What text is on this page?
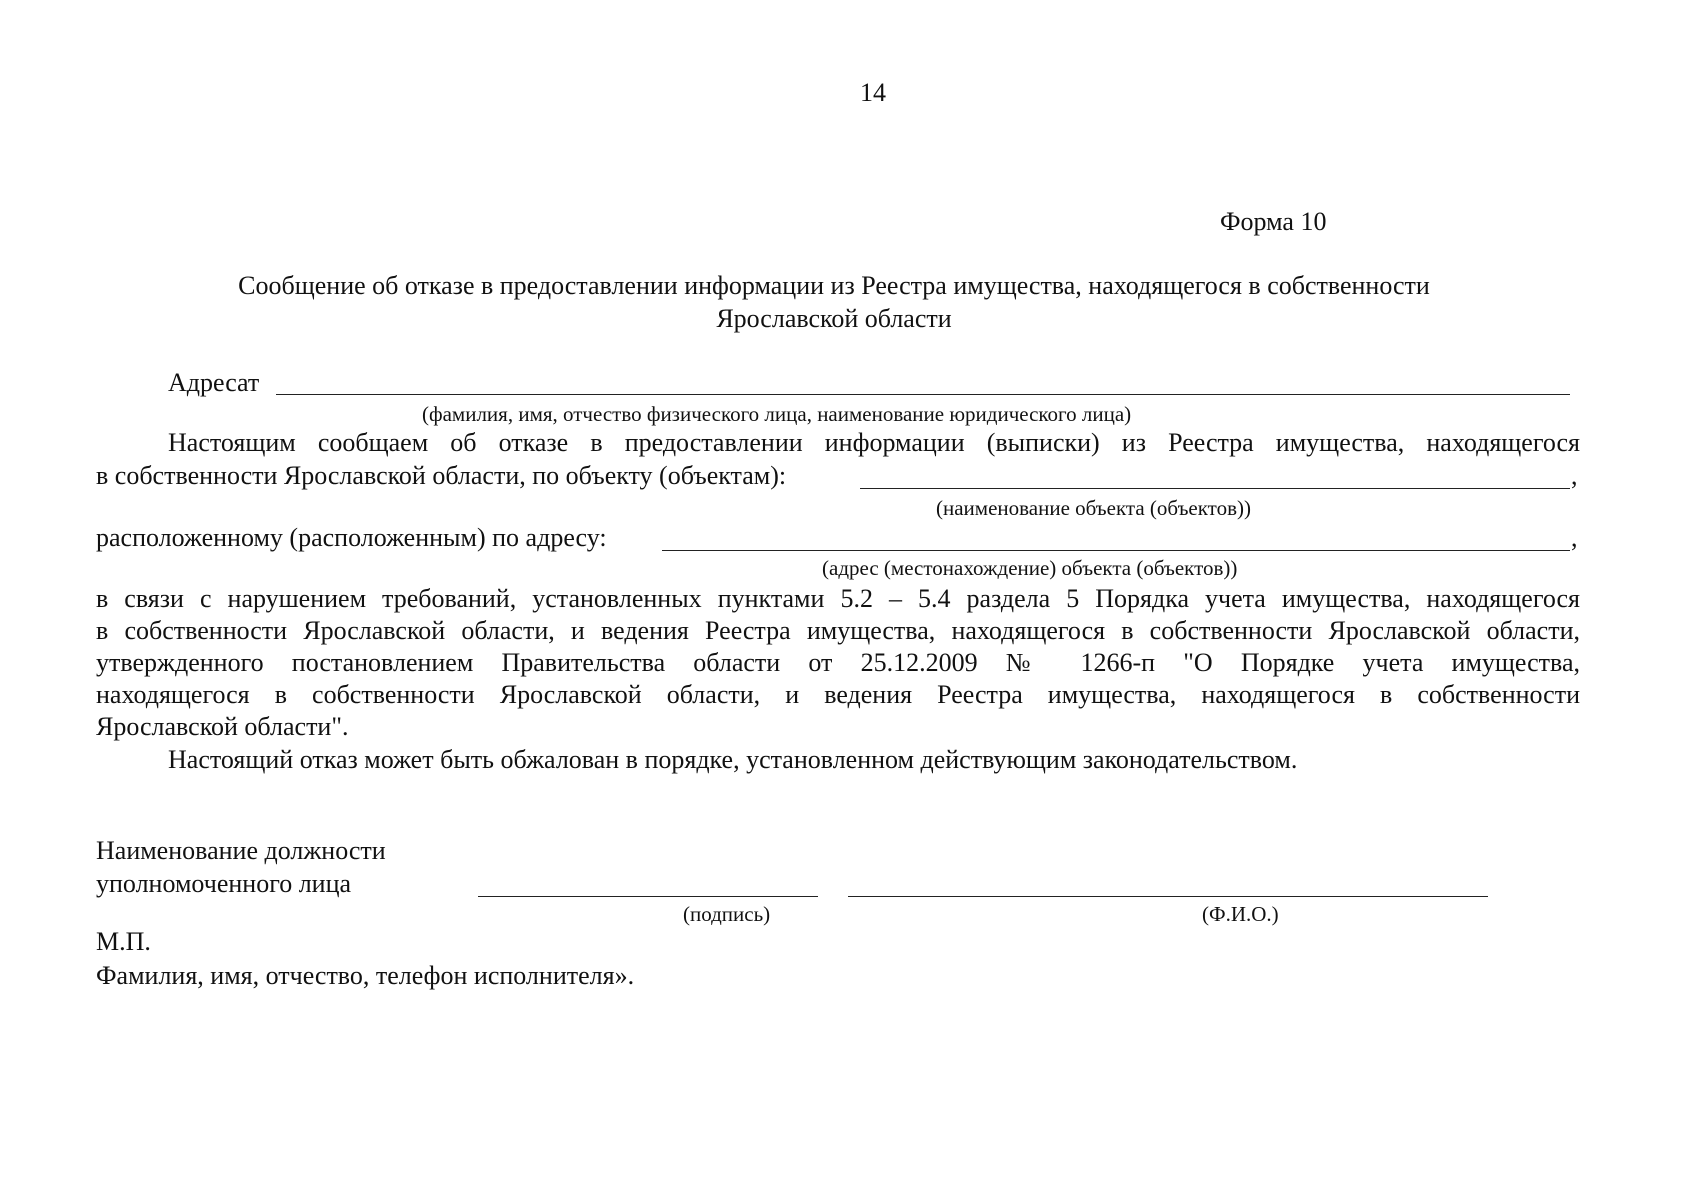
14
Форма 10
Сообщение об отказе в предоставлении информации из Реестра имущества, находящегося в собственности
Ярославской области
Адресат
(фамилия, имя, отчество физического лица, наименование юридического лица)
Настоящим сообщаем об отказе в предоставлении информации (выписки) из Реестра имущества, находящегося
в собственности Ярославской области, по объекту (объектам):	,
(наименование объекта (объектов))
расположенному (расположенным) по адресу:	,
(адрес (местонахождение) объекта (объектов))
в связи с нарушением требований, установленных пунктами 5.2 – 5.4 раздела 5 Порядка учета имущества, находящегося
в собственности Ярославской области, и ведения Реестра имущества, находящегося в собственности Ярославской области,
утвержденного постановлением Правительства области от 25.12.2009 № 1266-п "О Порядке учета имущества,
находящегося в собственности Ярославской области, и ведения Реестра имущества, находящегося в собственности
Ярославской области".
Настоящий отказ может быть обжалован в порядке, установленном действующим законодательством.
Наименование должности
уполномоченного лица
(подпись)	(Ф.И.О.)
М.П.
Фамилия, имя, отчество, телефон исполнителя».
